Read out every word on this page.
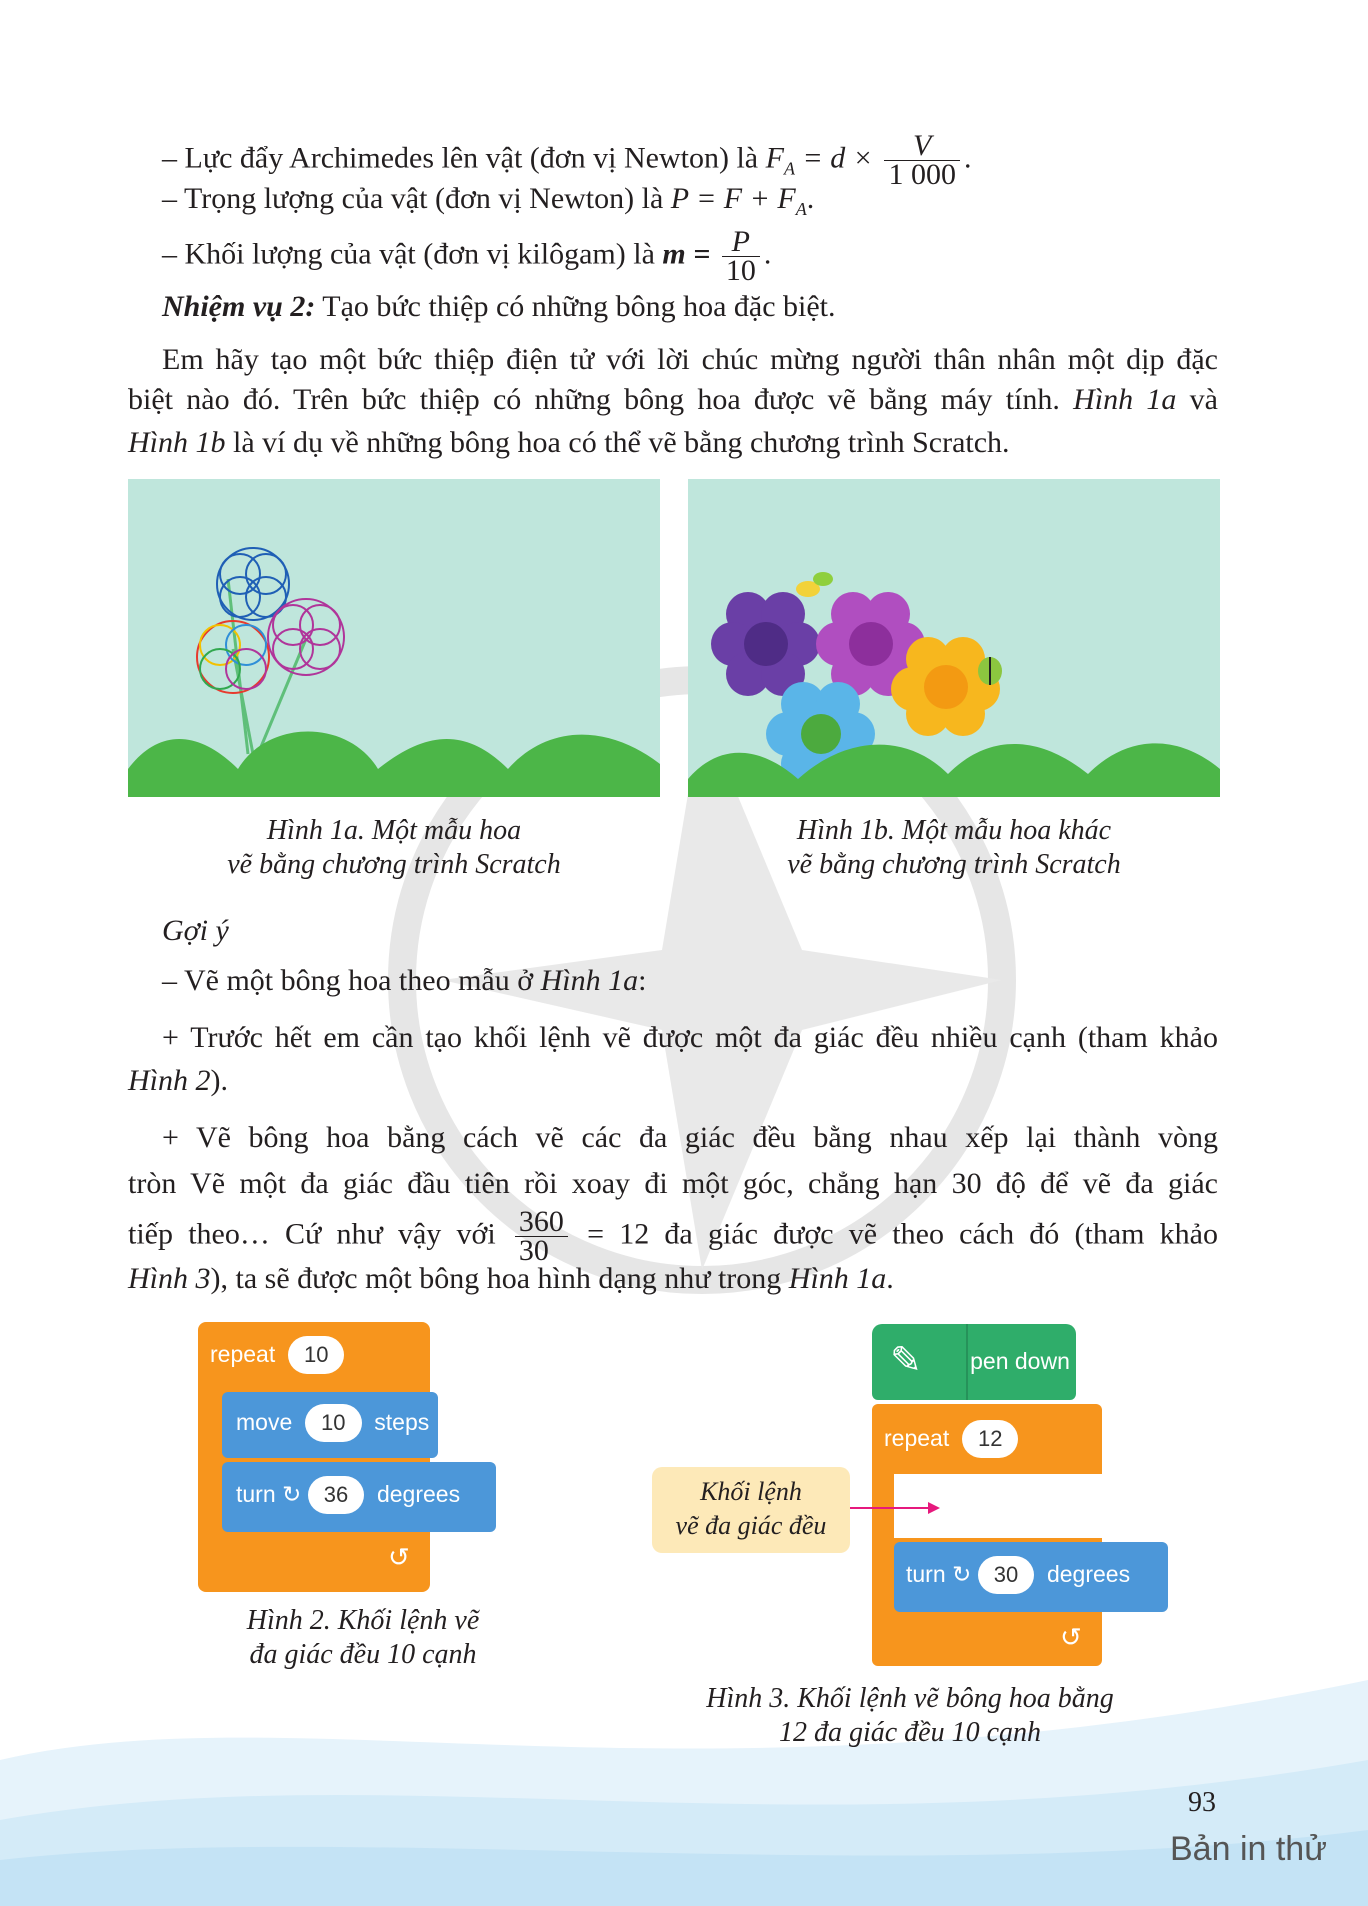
– Lực đẩy Archimedes lên vật (đơn vị Newton) là $F_A = d \times \frac{V}{1 000}$ .
– Trọng lượng của vật (đơn vị Newton) là $P = F + F_A$.
– Khối lượng của vật (đơn vị kilôgam) là $m = \frac{P}{10}$ .
Nhiệm vụ 2: Tạo bức thiệp có những bông hoa đặc biệt.
Em hãy tạo một bức thiệp điện tử với lời chúc mừng người thân nhân một dịp đặc
biệt nào đó. Trên bức thiệp có những bông hoa được vẽ bằng máy tính. Hình 1a và
Hình 1b là ví dụ về những bông hoa có thể vẽ bằng chương trình Scratch.
Hình 1a. Một mẫu hoa
vẽ bằng chương trình Scratch
Hình 1b. Một mẫu hoa khác
vẽ bằng chương trình Scratch
Gợi ý
– Vẽ một bông hoa theo mẫu ở Hình 1a:
+ Trước hết em cần tạo khối lệnh vẽ được một đa giác đều nhiều cạnh (tham khảo
Hình 2).
+ Vẽ bông hoa bằng cách vẽ các đa giác đều bằng nhau xếp lại thành vòng
tròn Vẽ một đa giác đầu tiên rồi xoay đi một góc, chẳng hạn 30 độ để vẽ đa giác
tiếp theo… Cứ như vậy với $\frac{360}{30} = 12$ đa giác được vẽ theo cách đó (tham khảo
Hình 3), ta sẽ được một bông hoa hình dạng như trong Hình 1a.
repeat 10
move 10 steps
turn ↻ 36 degrees
↺
Hình 2. Khối lệnh vẽ
đa giác đều 10 cạnh
✎ pen down
repeat 12
turn ↻ 30 degrees
↺
Khối lệnh
vẽ đa giác đều
Hình 3. Khối lệnh vẽ bông hoa bằng
12 đa giác đều 10 cạnh
93
Bản in thử
